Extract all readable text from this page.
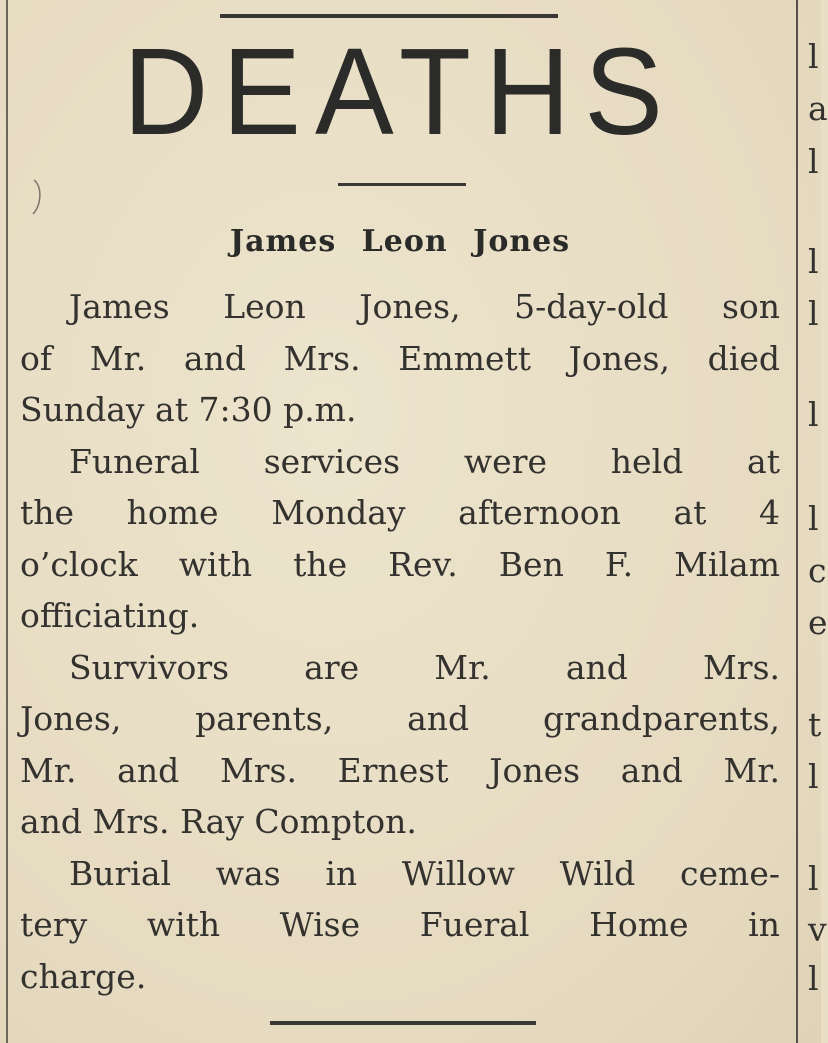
DEATHS
James Leon Jones
James Leon Jones, 5-day-old son
of Mr. and Mrs. Emmett Jones, died
Sunday at 7:30 p.m.
Funeral services were held at
the home Monday afternoon at 4
o’clock with the Rev. Ben F. Milam
officiating.
Survivors are Mr. and Mrs.
Jones, parents, and grandparents,
Mr. and Mrs. Ernest Jones and Mr.
and Mrs. Ray Compton.
Burial was in Willow Wild ceme-
tery with Wise Fueral Home in
charge.
l
a
l
l
l
l
l
c
e
t
l
l
v
l
